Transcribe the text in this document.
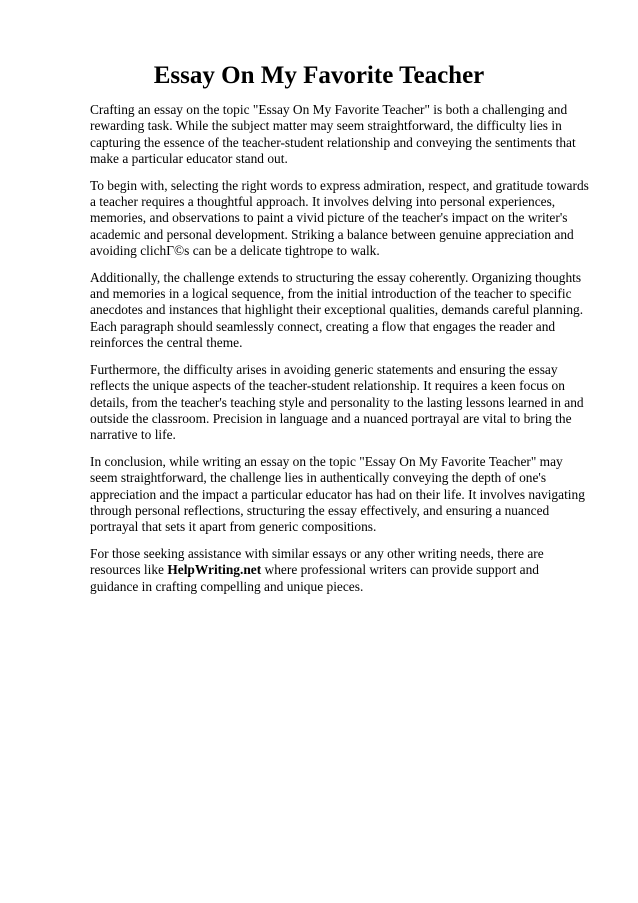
Essay On My Favorite Teacher

Crafting an essay on the topic "Essay On My Favorite Teacher" is both a challenging and rewarding task. While the subject matter may seem straightforward, the difficulty lies in capturing the essence of the teacher-student relationship and conveying the sentiments that make a particular educator stand out.

To begin with, selecting the right words to express admiration, respect, and gratitude towards a teacher requires a thoughtful approach. It involves delving into personal experiences, memories, and observations to paint a vivid picture of the teacher's impact on the writer's academic and personal development. Striking a balance between genuine appreciation and avoiding clichΓ©s can be a delicate tightrope to walk.

Additionally, the challenge extends to structuring the essay coherently. Organizing thoughts and memories in a logical sequence, from the initial introduction of the teacher to specific anecdotes and instances that highlight their exceptional qualities, demands careful planning. Each paragraph should seamlessly connect, creating a flow that engages the reader and reinforces the central theme.

Furthermore, the difficulty arises in avoiding generic statements and ensuring the essay reflects the unique aspects of the teacher-student relationship. It requires a keen focus on details, from the teacher's teaching style and personality to the lasting lessons learned in and outside the classroom. Precision in language and a nuanced portrayal are vital to bring the narrative to life.

In conclusion, while writing an essay on the topic "Essay On My Favorite Teacher" may seem straightforward, the challenge lies in authentically conveying the depth of one's appreciation and the impact a particular educator has had on their life. It involves navigating through personal reflections, structuring the essay effectively, and ensuring a nuanced portrayal that sets it apart from generic compositions.

For those seeking assistance with similar essays or any other writing needs, there are resources like HelpWriting.net where professional writers can provide support and guidance in crafting compelling and unique pieces.
